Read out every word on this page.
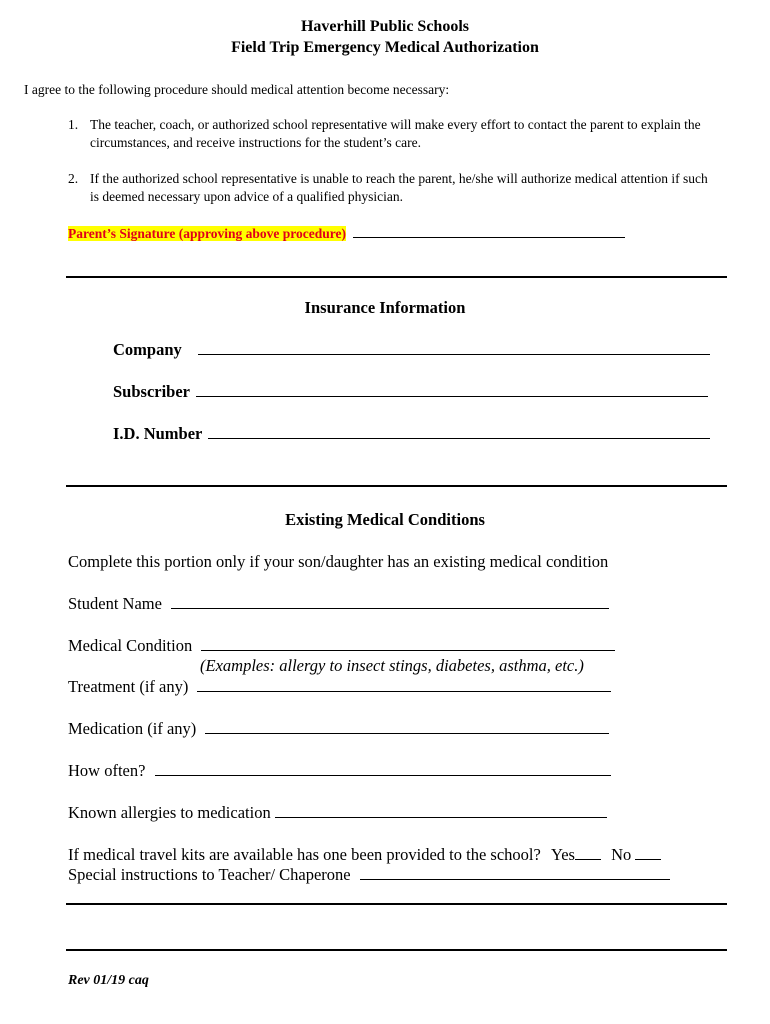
Haverhill Public Schools
Field Trip Emergency Medical Authorization
I agree to the following procedure should medical attention become necessary:
1. The teacher, coach, or authorized school representative will make every effort to contact the parent to explain the circumstances, and receive instructions for the student’s care.
2. If the authorized school representative is unable to reach the parent, he/she will authorize medical attention if such is deemed necessary upon advice of a qualified physician.
Parent’s Signature (approving above procedure)
Insurance Information
Company
Subscriber
I.D. Number
Existing Medical Conditions
Complete this portion only if your son/daughter has an existing medical condition
Student Name
Medical Condition
(Examples: allergy to insect stings, diabetes, asthma, etc.)
Treatment (if any)
Medication (if any)
How often?
Known allergies to medication
If medical travel kits are available has one been provided to the school? Yes No
Special instructions to Teacher/ Chaperone
Rev 01/19 caq
